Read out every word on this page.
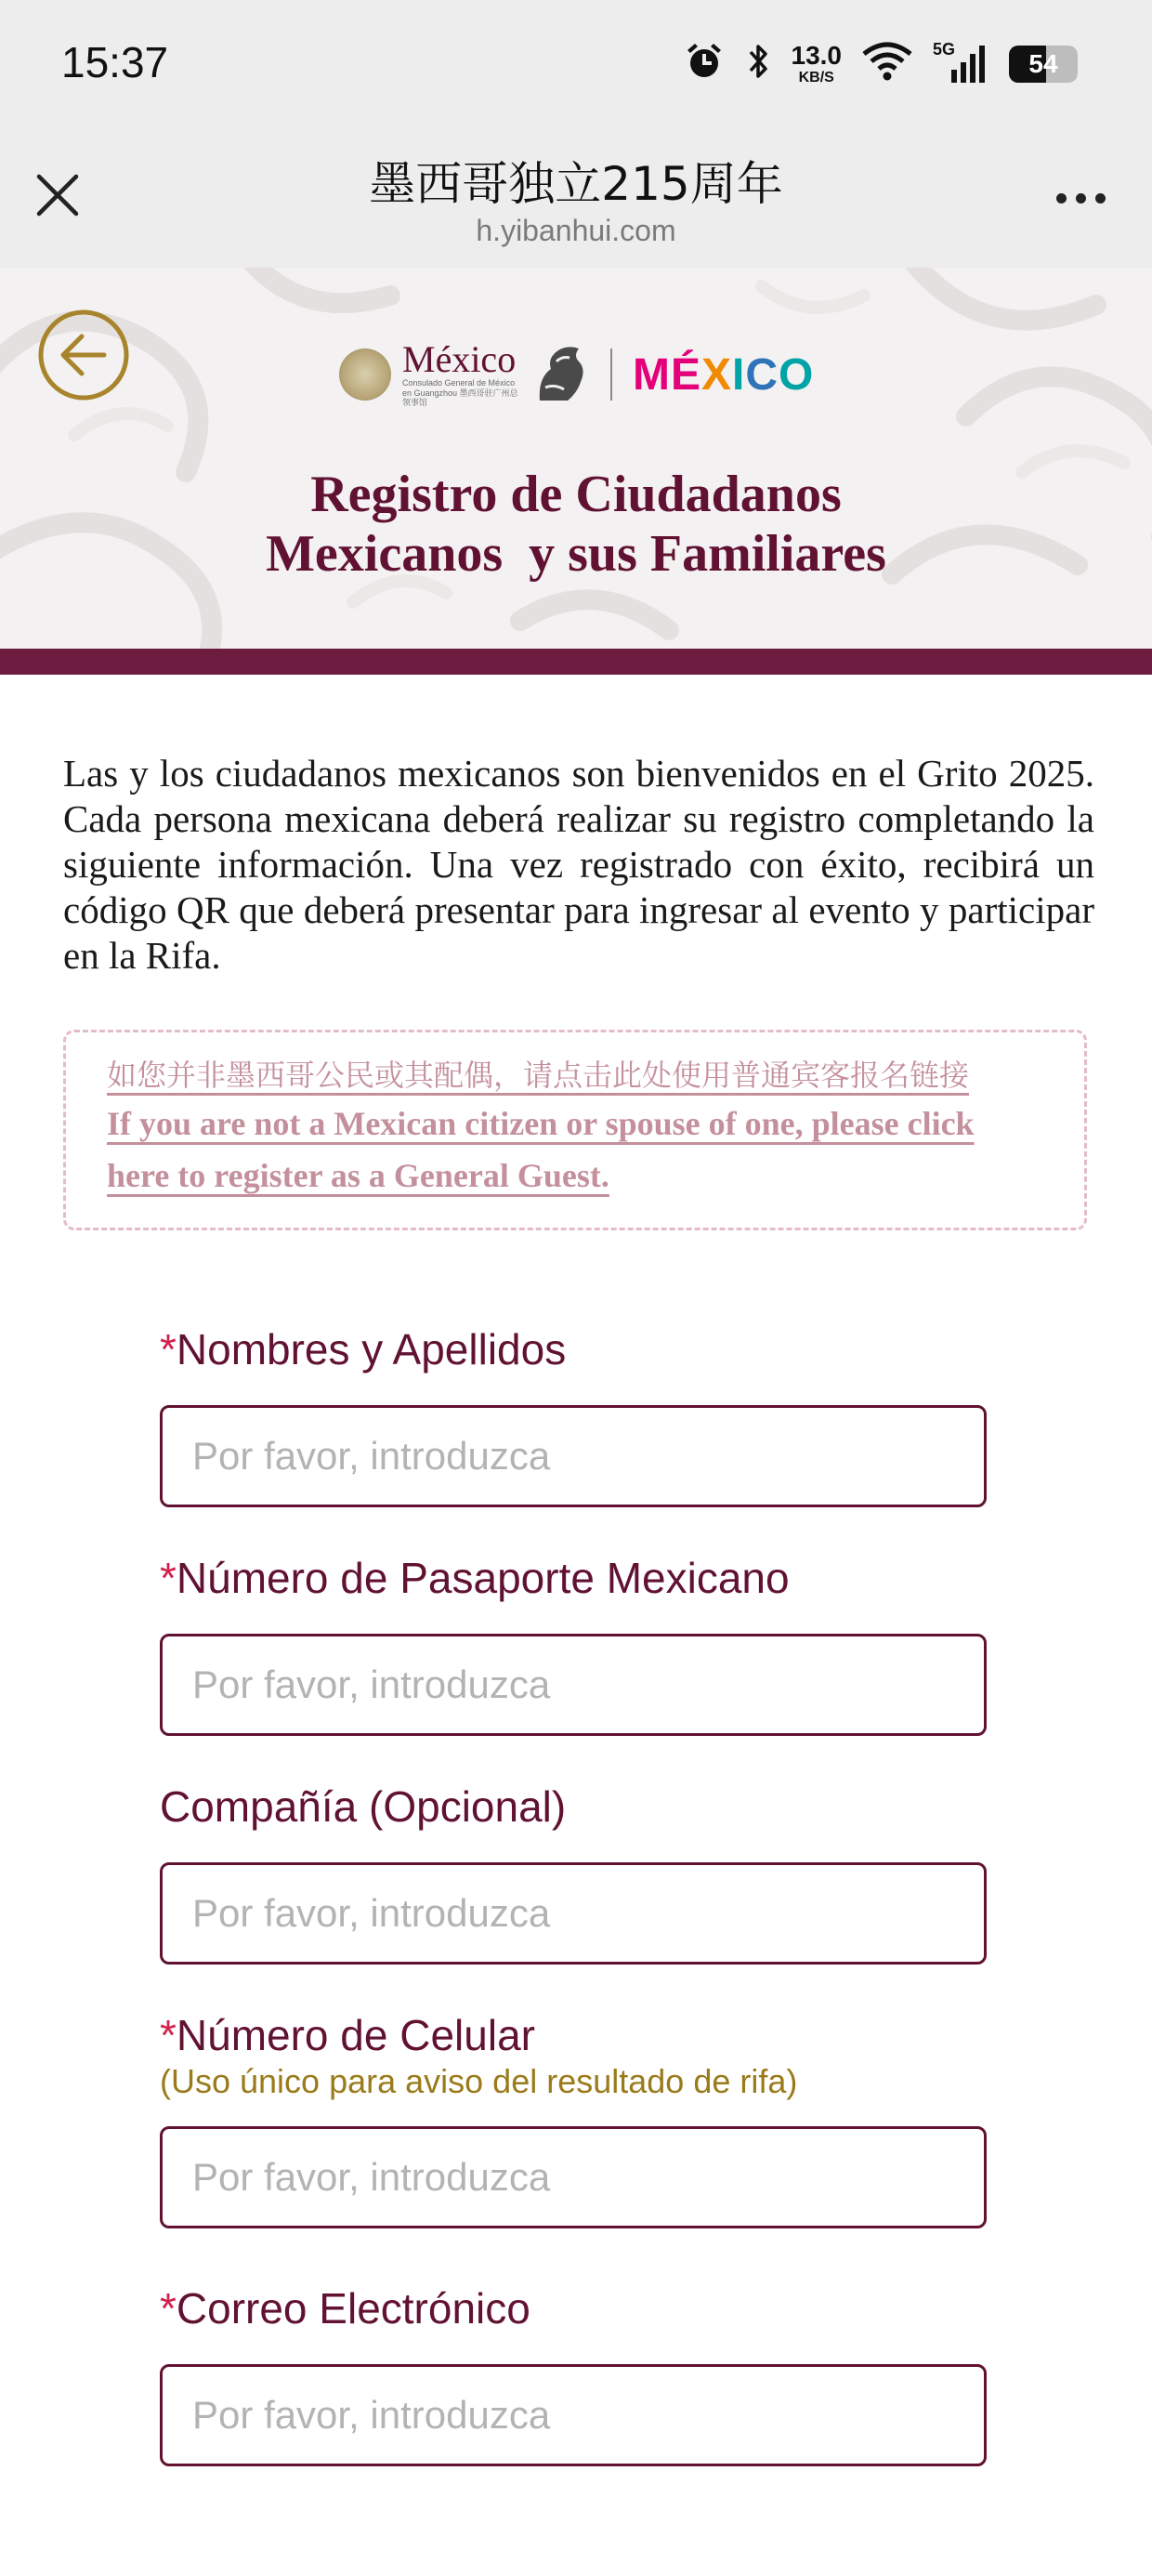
15:37	13.0
KB/S
5G	54
墨西哥独立215周年
h.yibanhui.com
México
Consulado General de México en Guangzhou 墨西哥驻广州总领事馆
M É X I C O
Registro de Ciudadanos
Mexicanos  y sus Familiares
Las y los ciudadanos mexicanos son bienvenidos en el Grito 2025. Cada persona mexicana deberá realizar su registro completando la siguiente información. Una vez registrado con éxito, recibirá un código QR que deberá presentar para ingresar al evento y participar en la Rifa.
如您并非墨西哥公民或其配偶，请点击此处使用普通宾客报名链接
If you are not a Mexican citizen or spouse of one, please click here to register as a General Guest.
* Nombres y Apellidos
Por favor, introduzca
* Número de Pasaporte Mexicano
Por favor, introduzca
Compañía (Opcional)
Por favor, introduzca
* Número de Celular
(Uso único para aviso del resultado de rifa)
Por favor, introduzca
* Correo Electrónico
Por favor, introduzca
